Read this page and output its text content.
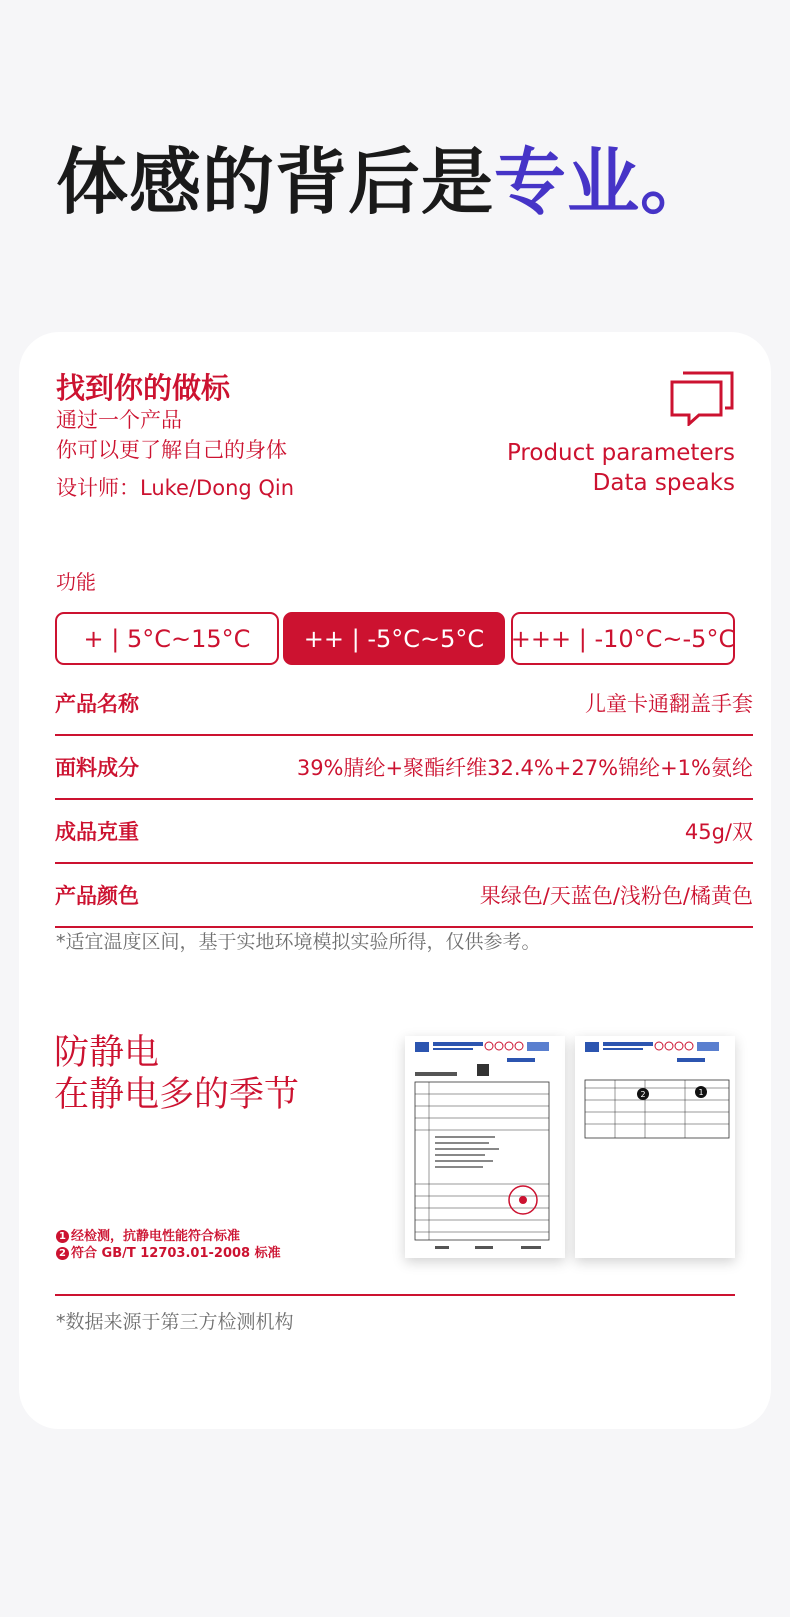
体感的背后是专业。
找到你的做标
通过一个产品
你可以更了解自己的身体
设计师：Luke/Dong Qin
Product parameters
Data speaks
功能
+ | 5°C~15°C	++ | -5°C~5°C	+++ | -10°C~-5°C
产品名称	儿童卡通翻盖手套
面料成分	39%腈纶+聚酯纤维32.4%+27%锦纶+1%氨纶
成品克重	45g/双
产品颜色	果绿色/天蓝色/浅粉色/橘黄色
*适宜温度区间，基于实地环境模拟实验所得，仅供参考。
防静电
在静电多的季节
1 经检测，抗静电性能符合标准
2 符合 GB/T 12703.01-2008 标准
2	1
*数据来源于第三方检测机构
